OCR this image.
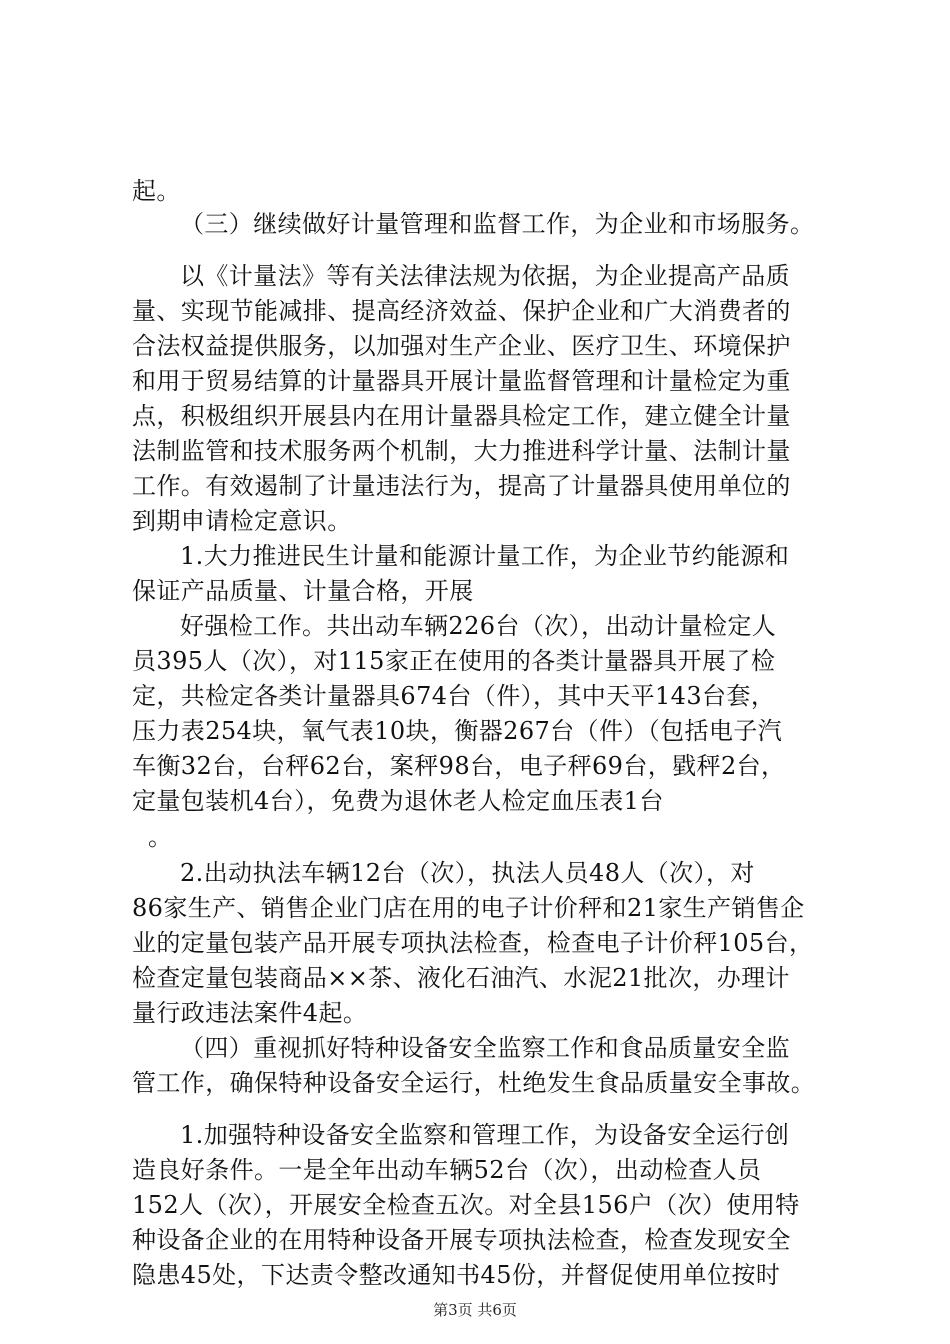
起。

（三）继续做好计量管理和监督工作，为企业和市场服务。

以《计量法》等有关法律法规为依据，为企业提高产品质

量、实现节能减排、提高经济效益、保护企业和广大消费者的

合法权益提供服务，以加强对生产企业、医疗卫生、环境保护

和用于贸易结算的计量器具开展计量监督管理和计量检定为重

点，积极组织开展县内在用计量器具检定工作，建立健全计量

法制监管和技术服务两个机制，大力推进科学计量、法制计量

工作。有效遏制了计量违法行为，提高了计量器具使用单位的

到期申请检定意识。

1.大力推进民生计量和能源计量工作，为企业节约能源和

保证产品质量、计量合格，开展

好强检工作。共出动车辆226台（次），出动计量检定人

员395人（次），对115家正在使用的各类计量器具开展了检

定，共检定各类计量器具674台（件），其中天平143台套，

压力表254块，氧气表10块，衡器267台（件）（包括电子汽

车衡32台，台秤62台，案秤98台，电子秤69台，戥秤2台，

定量包装机4台），免费为退休老人检定血压表1台

。

2.出动执法车辆12台（次），执法人员48人（次），对

86家生产、销售企业门店在用的电子计价秤和21家生产销售企

业的定量包装产品开展专项执法检查，检查电子计价秤105台，

检查定量包装商品××茶、液化石油汽、水泥21批次，办理计

量行政违法案件4起。

（四）重视抓好特种设备安全监察工作和食品质量安全监

管工作，确保特种设备安全运行，杜绝发生食品质量安全事故。

1.加强特种设备安全监察和管理工作，为设备安全运行创

造良好条件。一是全年出动车辆52台（次），出动检查人员

152人（次），开展安全检查五次。对全县156户（次）使用特

种设备企业的在用特种设备开展专项执法检查，检查发现安全

隐患45处，下达责令整改通知书45份，并督促使用单位按时

第3页 共6页
